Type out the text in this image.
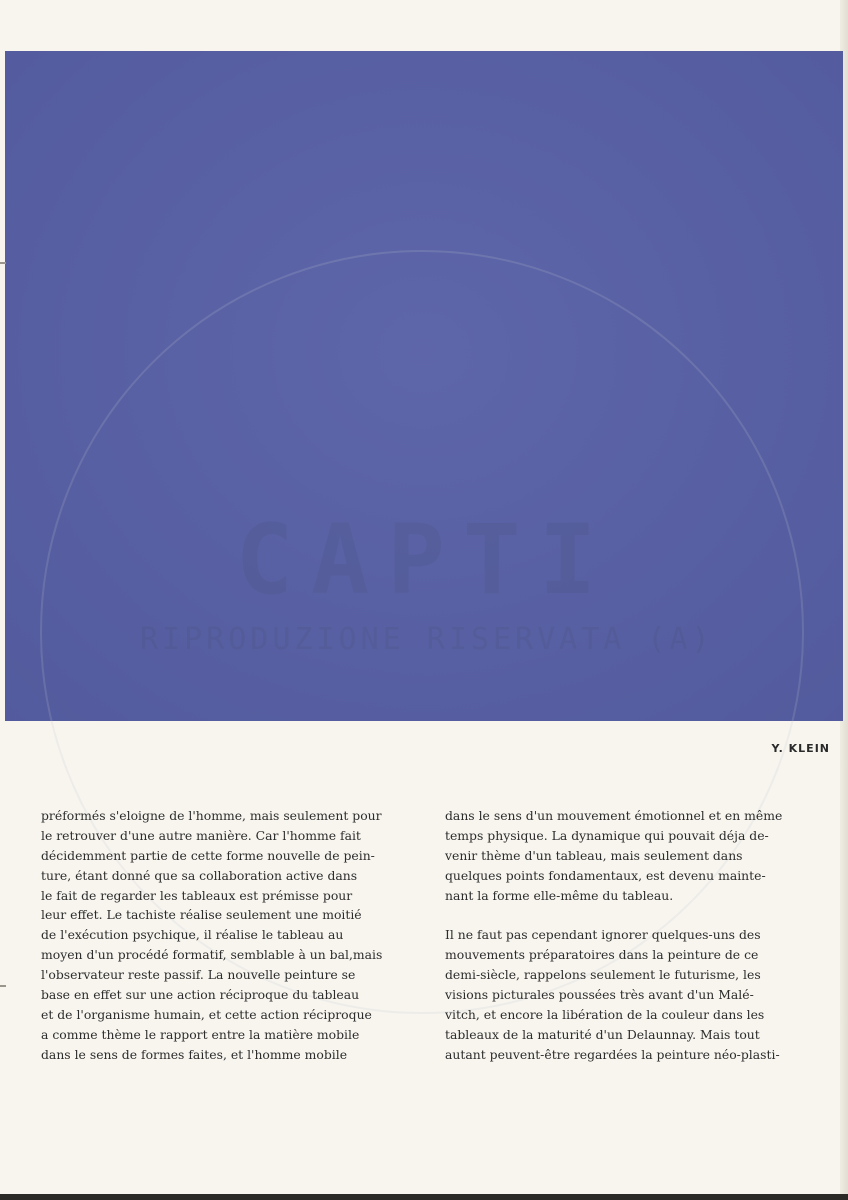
Y. KLEIN
préformés s'eloigne de l'homme, mais seulement pour
le retrouver d'une autre manière. Car l'homme fait
décidemment partie de cette forme nouvelle de pein-
ture, étant donné que sa collaboration active dans
le fait de regarder les tableaux est prémisse pour
leur effet. Le tachiste réalise seulement une moitié
de l'exécution psychique, il réalise le tableau au
moyen d'un procédé formatif, semblable à un bal,mais
l'observateur reste passif. La nouvelle peinture se
base en effet sur une action réciproque du tableau
et de l'organisme humain, et cette action réciproque
a comme thème le rapport entre la matière mobile
dans le sens de formes faites, et l'homme mobile
dans le sens d'un mouvement émotionnel et en même
temps physique. La dynamique qui pouvait déja de-
venir thème d'un tableau, mais seulement dans
quelques points fondamentaux, est devenu mainte-
nant la forme elle-même du tableau.
Il ne faut pas cependant ignorer quelques-uns des
mouvements préparatoires dans la peinture de ce
demi-siècle, rappelons seulement le futurisme, les
visions picturales poussées très avant d'un Malé-
vitch, et encore la libération de la couleur dans les
tableaux de la maturité d'un Delaunnay. Mais tout
autant peuvent-être regardées la peinture néo-plasti-
